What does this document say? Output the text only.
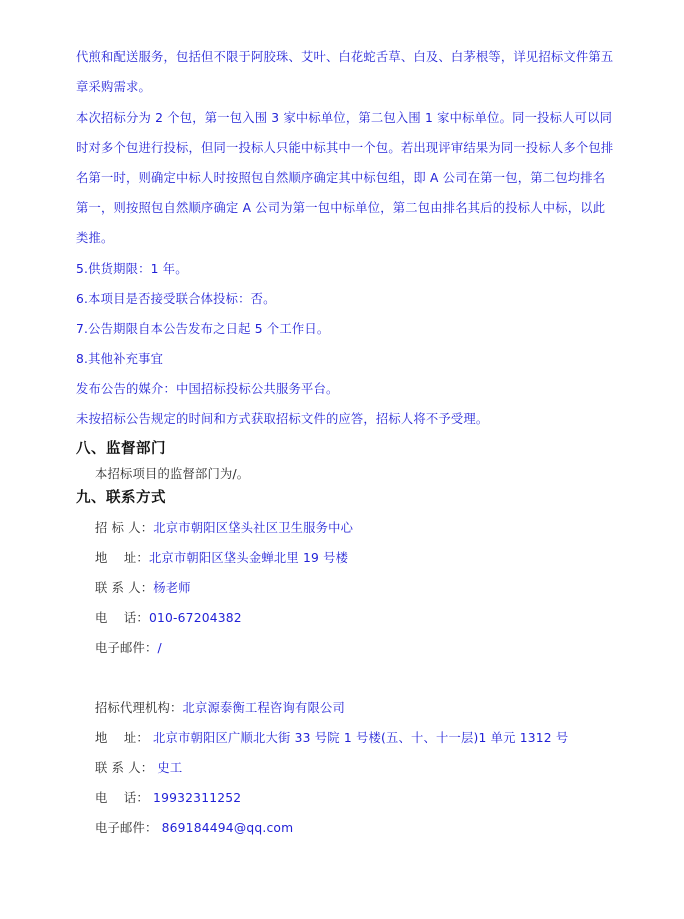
代煎和配送服务，包括但不限于阿胶珠、艾叶、白花蛇舌草、白及、白茅根等，详见招标文件第五章采购需求。

本次招标分为 2 个包，第一包入围 3 家中标单位，第二包入围 1 家中标单位。同一投标人可以同时对多个包进行投标，但同一投标人只能中标其中一个包。若出现评审结果为同一投标人多个包排名第一时，则确定中标人时按照包自然顺序确定其中标包组，即 A 公司在第一包，第二包均排名第一，则按照包自然顺序确定 A 公司为第一包中标单位，第二包由排名其后的投标人中标，以此类推。

5.供货期限：1 年。

6.本项目是否接受联合体投标：否。

7.公告期限自本公告发布之日起 5 个工作日。

8.其他补充事宜

发布公告的媒介：中国招标投标公共服务平台。

未按招标公告规定的时间和方式获取招标文件的应答，招标人将不予受理。

八、监督部门

本招标项目的监督部门为/。

九、联系方式

招 标 人：北京市朝阳区垡头社区卫生服务中心

地    址：北京市朝阳区垡头金蝉北里 19 号楼

联 系 人：杨老师

电    话：010-67204382

电子邮件：/

招标代理机构：北京源泰衡工程咨询有限公司

地    址： 北京市朝阳区广顺北大街 33 号院 1 号楼(五、十、十一层)1 单元 1312 号

联 系 人： 史工

电    话： 19932311252

电子邮件： 869184494@qq.com
